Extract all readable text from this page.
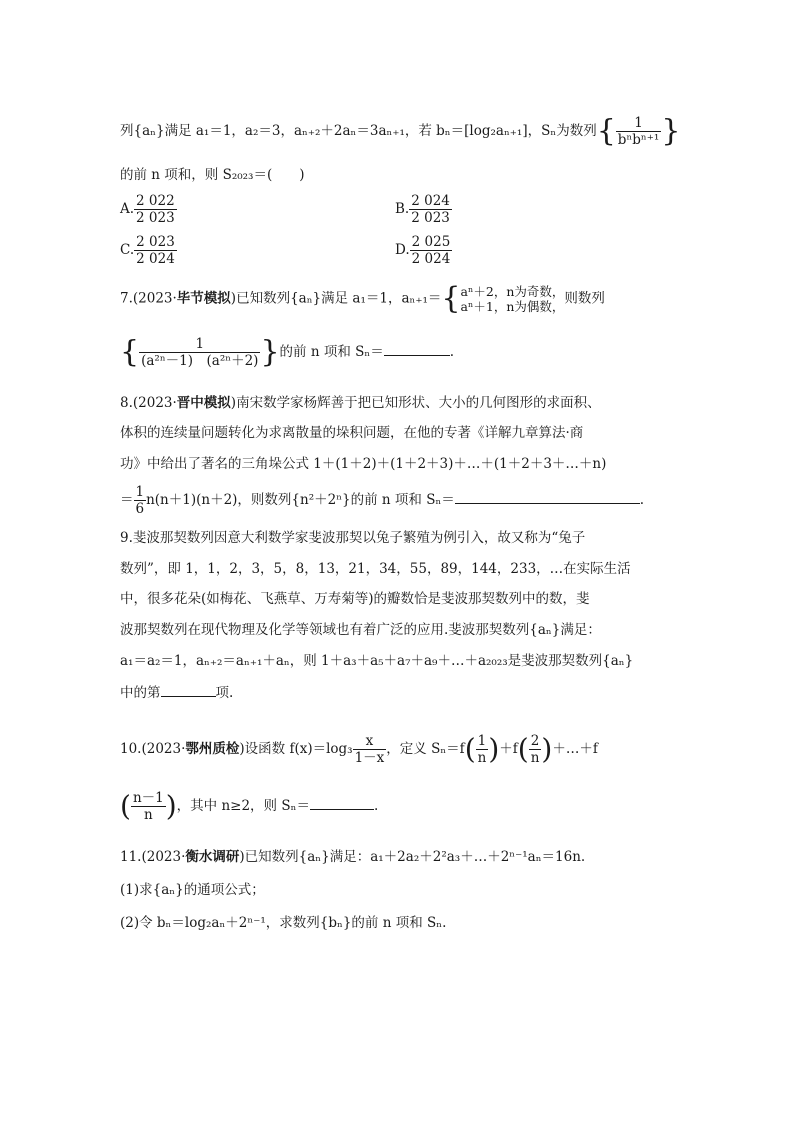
列{aₙ}满足 a₁＝1，a₂＝3，aₙ₊₂＋2aₙ＝3aₙ₊₁，若 bₙ＝[log₂aₙ₊₁]，Sₙ为数列{ $\frac{1}{\text{bⁿbⁿ⁺¹}}$ }
的前 n 项和，则 S₂₀₂₃＝(　　)
A. $\frac{2 022}{2 023}$	B. $\frac{2 024}{2 023}$
C. $\frac{2 023}{2 024}$	D. $\frac{2 025}{2 024}$
7.(2023·毕节模拟)已知数列{aₙ}满足 a₁＝1，aₙ₊₁＝{ aⁿ＋2，n为奇数，
aⁿ＋1，n为偶数， 则数列
{ $\frac{1}{\text{(a²ⁿ－1)　(a²ⁿ＋2)}}$ }的前 n 项和 Sₙ＝	.
8.(2023·晋中模拟)南宋数学家杨辉善于把已知形状、大小的几何图形的求面积、
体积的连续量问题转化为求离散量的垛积问题，在他的专著《详解九章算法·商
功》中给出了著名的三角垛公式 1＋(1＋2)＋(1＋2＋3)＋…＋(1＋2＋3＋…＋n)
＝ $\frac{1}{6} n(n+1)(n+2)$，则数列{n²＋2ⁿ}的前 n 项和 Sₙ＝	.
9.斐波那契数列因意大利数学家斐波那契以兔子繁殖为例引入，故又称为“兔子
数列”，即 1，1，2，3，5，8，13，21，34，55，89，144，233，…在实际生活
中，很多花朵(如梅花、飞燕草、万寿菊等)的瓣数恰是斐波那契数列中的数，斐
波那契数列在现代物理及化学等领域也有着广泛的应用.斐波那契数列{aₙ}满足：
a₁＝a₂＝1，aₙ₊₂＝aₙ₊₁＋aₙ，则 1＋a₃＋a₅＋a₇＋a₉＋…＋a₂₀₂₃是斐波那契数列{aₙ}
中的第	项.
10.(2023·鄂州质检)设函数 $f(x)=\log_3 \frac{x}{1-x}$ ，定义 $S_n=f( \frac{1}{n} )+f( \frac{2}{n}$ )＋…＋f
( $\frac{n-1}{n}$ )，其中 n≥2，则 Sₙ＝	.
11.(2023·衡水调研)已知数列{aₙ}满足：a₁＋2a₂＋2²a₃＋…＋2ⁿ⁻¹aₙ＝16n.
(1)求{aₙ}的通项公式；
(2)令 bₙ＝log₂aₙ＋2ⁿ⁻¹，求数列{bₙ}的前 n 项和 Sₙ.
